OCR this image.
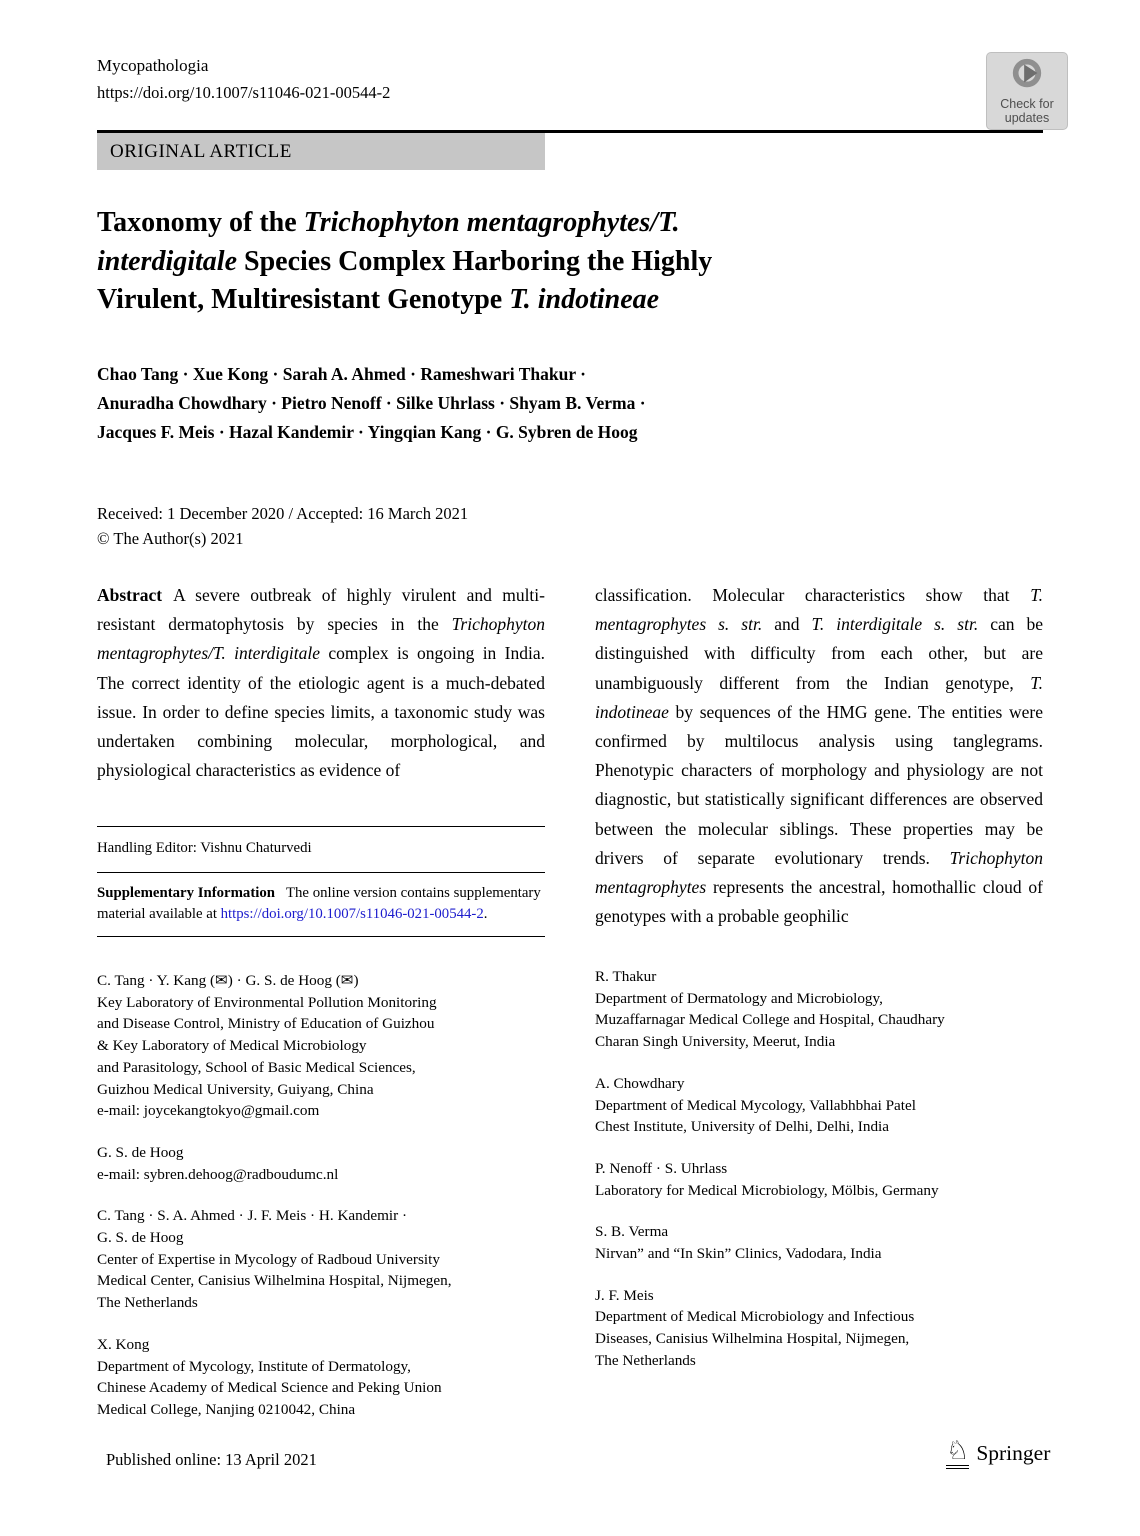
Mycopathologia
https://doi.org/10.1007/s11046-021-00544-2
Check for
updates
ORIGINAL ARTICLE
Taxonomy of the Trichophyton mentagrophytes/T.
interdigitale Species Complex Harboring the Highly
Virulent, Multiresistant Genotype T. indotineae
Chao Tang · Xue Kong · Sarah A. Ahmed · Rameshwari Thakur ·
Anuradha Chowdhary · Pietro Nenoff · Silke Uhrlass · Shyam B. Verma ·
Jacques F. Meis · Hazal Kandemir · Yingqian Kang · G. Sybren de Hoog
Received: 1 December 2020 / Accepted: 16 March 2021
© The Author(s) 2021
Abstract A severe outbreak of highly virulent and multi-resistant dermatophytosis by species in the Trichophyton mentagrophytes/T. interdigitale complex is ongoing in India. The correct identity of the etiologic agent is a much-debated issue. In order to define species limits, a taxonomic study was undertaken combining molecular, morphological, and physiological characteristics as evidence of
classification. Molecular characteristics show that T. mentagrophytes s. str. and T. interdigitale s. str. can be distinguished with difficulty from each other, but are unambiguously different from the Indian genotype, T. indotineae by sequences of the HMG gene. The entities were confirmed by multilocus analysis using tanglegrams. Phenotypic characters of morphology and physiology are not diagnostic, but statistically significant differences are observed between the molecular siblings. These properties may be drivers of separate evolutionary trends. Trichophyton mentagrophytes represents the ancestral, homothallic cloud of genotypes with a probable geophilic
Handling Editor: Vishnu Chaturvedi
Supplementary Information The online version contains supplementary material available at https://doi.org/10.1007/s11046-021-00544-2.
C. Tang · Y. Kang (✉) · G. S. de Hoog (✉)
Key Laboratory of Environmental Pollution Monitoring
and Disease Control, Ministry of Education of Guizhou
& Key Laboratory of Medical Microbiology
and Parasitology, School of Basic Medical Sciences,
Guizhou Medical University, Guiyang, China
e-mail: joycekangtokyo@gmail.com
G. S. de Hoog
e-mail: sybren.dehoog@radboudumc.nl
C. Tang · S. A. Ahmed · J. F. Meis · H. Kandemir ·
G. S. de Hoog
Center of Expertise in Mycology of Radboud University
Medical Center, Canisius Wilhelmina Hospital, Nijmegen,
The Netherlands
X. Kong
Department of Mycology, Institute of Dermatology,
Chinese Academy of Medical Science and Peking Union
Medical College, Nanjing 0210042, China
R. Thakur
Department of Dermatology and Microbiology,
Muzaffarnagar Medical College and Hospital, Chaudhary
Charan Singh University, Meerut, India
A. Chowdhary
Department of Medical Mycology, Vallabhbhai Patel
Chest Institute, University of Delhi, Delhi, India
P. Nenoff · S. Uhrlass
Laboratory for Medical Microbiology, Mölbis, Germany
S. B. Verma
Nirvan” and “In Skin” Clinics, Vadodara, India
J. F. Meis
Department of Medical Microbiology and Infectious
Diseases, Canisius Wilhelmina Hospital, Nijmegen,
The Netherlands
Published online: 13 April 2021	♘ Springer
